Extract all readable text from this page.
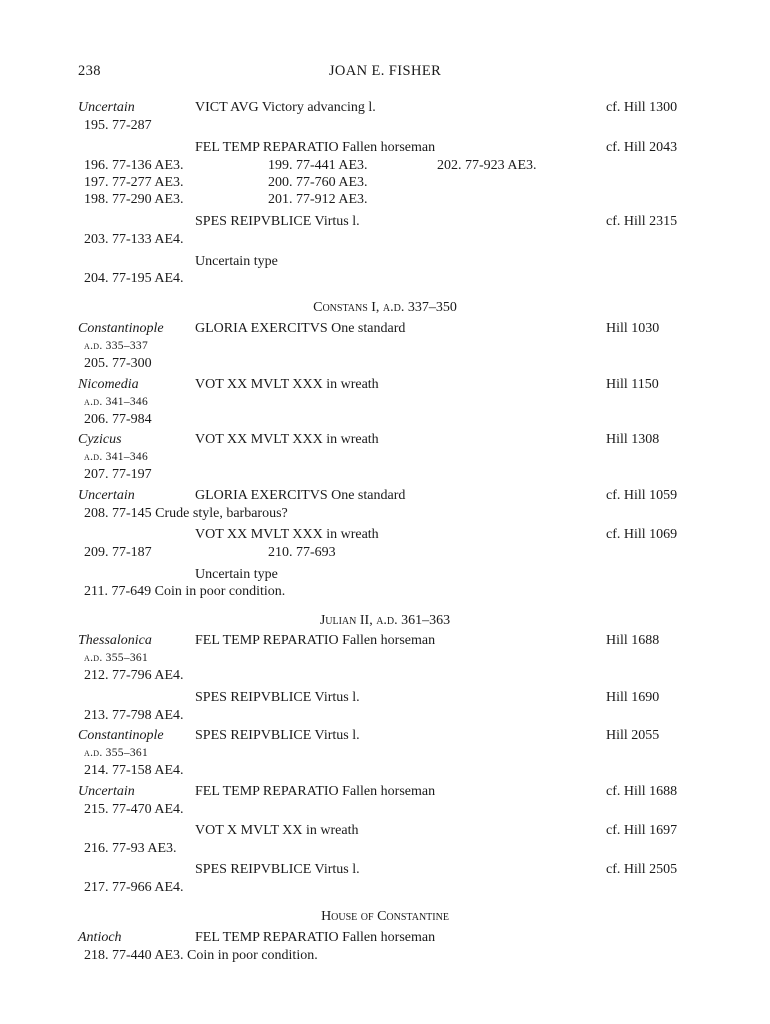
238	JOAN E. FISHER
Uncertain	VICT AVG Victory advancing l.	cf. Hill 1300
195. 77-287
FEL TEMP REPARATIO Fallen horseman	cf. Hill 2043
196. 77-136 AE3.	199. 77-441 AE3.	202. 77-923 AE3.
197. 77-277 AE3.	200. 77-760 AE3.
198. 77-290 AE3.	201. 77-912 AE3.
SPES REIPVBLICE Virtus l.	cf. Hill 2315
203. 77-133 AE4.
Uncertain type
204. 77-195 AE4.
Constans I, a.d. 337–350
Constantinople GLORIA EXERCITVS One standard	Hill 1030
a.d. 335–337
205. 77-300
Nicomedia	VOT XX MVLT XXX in wreath	Hill 1150
a.d. 341–346
206. 77-984
Cyzicus	VOT XX MVLT XXX in wreath	Hill 1308
a.d. 341–346
207. 77-197
Uncertain	GLORIA EXERCITVS One standard	cf. Hill 1059
208. 77-145 Crude style, barbarous?
VOT XX MVLT XXX in wreath	cf. Hill 1069
209. 77-187	210. 77-693
Uncertain type
211. 77-649 Coin in poor condition.
Julian II, a.d. 361–363
Thessalonica	FEL TEMP REPARATIO Fallen horseman	Hill 1688
a.d. 355–361
212. 77-796 AE4.
SPES REIPVBLICE Virtus l.	Hill 1690
213. 77-798 AE4.
Constantinople SPES REIPVBLICE Virtus l.	Hill 2055
a.d. 355–361
214. 77-158 AE4.
Uncertain	FEL TEMP REPARATIO Fallen horseman	cf. Hill 1688
215. 77-470 AE4.
VOT X MVLT XX in wreath	cf. Hill 1697
216. 77-93 AE3.
SPES REIPVBLICE Virtus l.	cf. Hill 2505
217. 77-966 AE4.
House of Constantine
Antioch	FEL TEMP REPARATIO Fallen horseman
218. 77-440 AE3. Coin in poor condition.
